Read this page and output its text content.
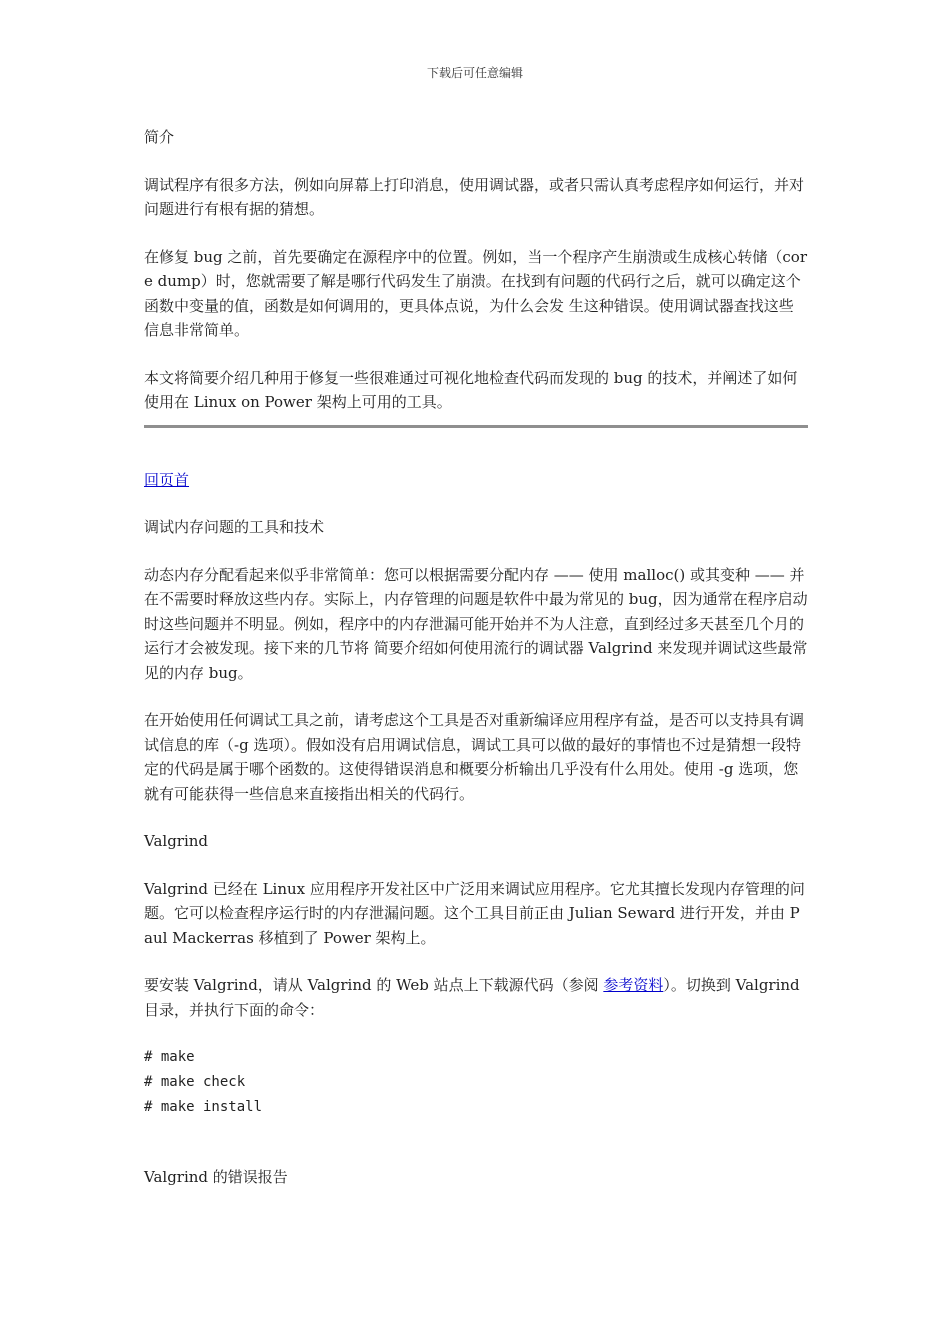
下载后可任意编辑
简介

调试程序有很多方法，例如向屏幕上打印消息，使用调试器，或者只需认真考虑程序如何运行，并对问题进行有根有据的猜想。

在修复 bug 之前，首先要确定在源程序中的位置。例如，当一个程序产生崩溃或生成核心转储（core dump）时，您就需要了解是哪行代码发生了崩溃。在找到有问题的代码行之后，就可以确定这个函数中变量的值，函数是如何调用的，更具体点说，为什么会发 生这种错误。使用调试器查找这些信息非常简单。

本文将简要介绍几种用于修复一些很难通过可视化地检查代码而发现的 bug 的技术，并阐述了如何使用在 Linux on Power 架构上可用的工具。

回页首

调试内存问题的工具和技术

动态内存分配看起来似乎非常简单：您可以根据需要分配内存 —— 使用 malloc() 或其变种 —— 并在不需要时释放这些内存。实际上，内存管理的问题是软件中最为常见的 bug，因为通常在程序启动时这些问题并不明显。例如，程序中的内存泄漏可能开始并不为人注意，直到经过多天甚至几个月的运行才会被发现。接下来的几节将 简要介绍如何使用流行的调试器 Valgrind 来发现并调试这些最常见的内存 bug。

在开始使用任何调试工具之前，请考虑这个工具是否对重新编译应用程序有益，是否可以支持具有调试信息的库（-g 选项）。假如没有启用调试信息，调试工具可以做的最好的事情也不过是猜想一段特定的代码是属于哪个函数的。这使得错误消息和概要分析输出几乎没有什么用处。使用 -g 选项，您就有可能获得一些信息来直接指出相关的代码行。

Valgrind

Valgrind 已经在 Linux 应用程序开发社区中广泛用来调试应用程序。它尤其擅长发现内存管理的问题。它可以检查程序运行时的内存泄漏问题。这个工具目前正由 Julian Seward 进行开发，并由 Paul Mackerras 移植到了 Power 架构上。

要安装 Valgrind，请从 Valgrind 的 Web 站点上下载源代码（参阅 参考资料）。切换到 Valgrind 目录，并执行下面的命令：

# make
# make check
# make install
Valgrind 的错误报告
